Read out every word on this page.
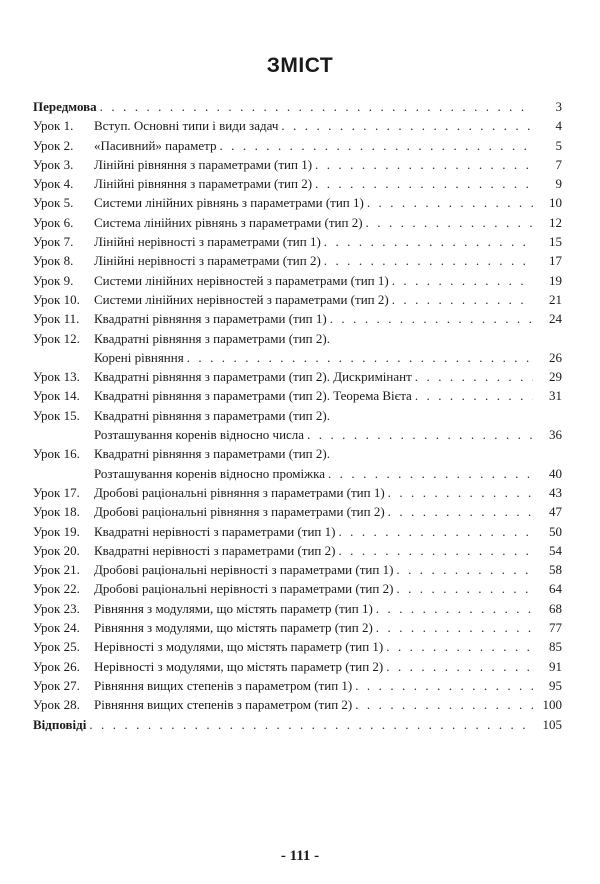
ЗМІСТ
Передмова . . .	3
Урок 1. Вступ. Основні типи і види задач . . .	4
Урок 2. «Пасивний» параметр . . .	5
Урок 3. Лінійні рівняння з параметрами (тип 1) . . .	7
Урок 4. Лінійні рівняння з параметрами (тип 2) . . .	9
Урок 5. Системи лінійних рівнянь з параметрами (тип 1) . . .	10
Урок 6. Система лінійних рівнянь з параметрами (тип 2) . . .	12
Урок 7. Лінійні нерівності з параметрами (тип 1) . . .	15
Урок 8. Лінійні нерівності з параметрами (тип 2) . . .	17
Урок 9. Системи лінійних нерівностей з параметрами (тип 1) . . .	19
Урок 10. Системи лінійних нерівностей з параметрами (тип 2) . . .	21
Урок 11. Квадратні рівняння з параметрами (тип 1) . . .	24
Урок 12. Квадратні рівняння з параметрами (тип 2).
Корені рівняння . . .	26
Урок 13. Квадратні рівняння з параметрами (тип 2). Дискримінант . . .	29
Урок 14. Квадратні рівняння з параметрами (тип 2). Теорема Вієта . . .	31
Урок 15. Квадратні рівняння з параметрами (тип 2).
Розташування коренів відносно числа . . .	36
Урок 16. Квадратні рівняння з параметрами (тип 2).
Розташування коренів відносно проміжка . . .	40
Урок 17. Дробові раціональні рівняння з параметрами (тип 1) . . .	43
Урок 18. Дробові раціональні рівняння з параметрами (тип 2) . . .	47
Урок 19. Квадратні нерівності з параметрами (тип 1) . . .	50
Урок 20. Квадратні нерівності з параметрами (тип 2) . . .	54
Урок 21. Дробові раціональні нерівності з параметрами (тип 1) . . .	58
Урок 22. Дробові раціональні нерівності з параметрами (тип 2) . . .	64
Урок 23. Рівняння з модулями, що містять параметр (тип 1) . . .	68
Урок 24. Рівняння з модулями, що містять параметр (тип 2) . . .	77
Урок 25. Нерівності з модулями, що містять параметр (тип 1) . . .	85
Урок 26. Нерівності з модулями, що містять параметр (тип 2) . . .	91
Урок 27. Рівняння вищих степенів з параметром (тип 1) . . .	95
Урок 28. Рівняння вищих степенів з параметром (тип 2) . . .	100
Відповіді . . .	105
- 111 -
